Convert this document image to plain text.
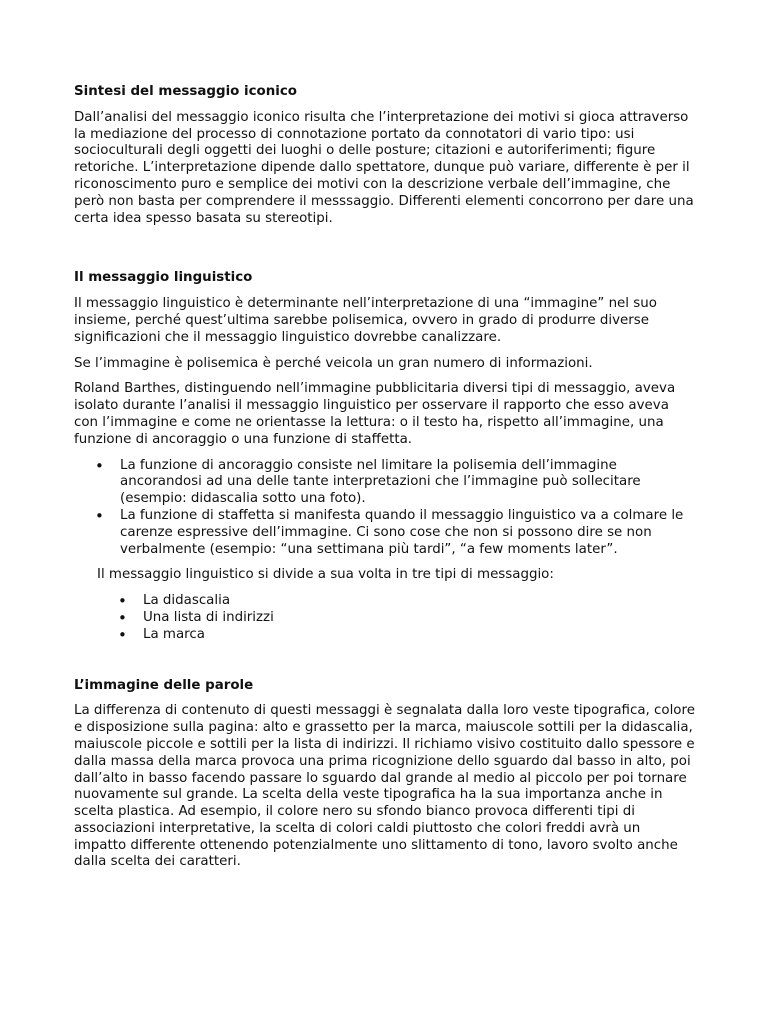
Sintesi del messaggio iconico

Dall’analisi del messaggio iconico risulta che l’interpretazione dei motivi si gioca attraverso la mediazione del processo di connotazione portato da connotatori di vario tipo: usi socioculturali degli oggetti dei luoghi o delle posture; citazioni e autoriferimenti; figure retoriche. L’interpretazione dipende dallo spettatore, dunque può variare, differente è per il riconoscimento puro e semplice dei motivi con la descrizione verbale dell’immagine, che però non basta per comprendere il messsaggio. Differenti elementi concorrono per dare una certa idea spesso basata su stereotipi.

Il messaggio linguistico

Il messaggio linguistico è determinante nell’interpretazione di una “immagine” nel suo insieme, perché quest’ultima sarebbe polisemica, ovvero in grado di produrre diverse significazioni che il messaggio linguistico dovrebbe canalizzare.

Se l’immagine è polisemica è perché veicola un gran numero di informazioni.

Roland Barthes, distinguendo nell’immagine pubblicitaria diversi tipi di messaggio, aveva isolato durante l’analisi il messaggio linguistico per osservare il rapporto che esso aveva con l’immagine e come ne orientasse la lettura: o il testo ha, rispetto all’immagine, una funzione di ancoraggio o una funzione di staffetta.

• La funzione di ancoraggio consiste nel limitare la polisemia dell’immagine ancorandosi ad una delle tante interpretazioni che l’immagine può sollecitare (esempio: didascalia sotto una foto).
• La funzione di staffetta si manifesta quando il messaggio linguistico va a colmare le carenze espressive dell’immagine. Ci sono cose che non si possono dire se non verbalmente (esempio: “una settimana più tardi”, “a few moments later”.

Il messaggio linguistico si divide a sua volta in tre tipi di messaggio:

• La didascalia
• Una lista di indirizzi
• La marca
L’immagine delle parole

La differenza di contenuto di questi messaggi è segnalata dalla loro veste tipografica, colore e disposizione sulla pagina: alto e grassetto per la marca, maiuscole sottili per la didascalia, maiuscole piccole e sottili per la lista di indirizzi. Il richiamo visivo costituito dallo spessore e dalla massa della marca provoca una prima ricognizione dello sguardo dal basso in alto, poi dall’alto in basso facendo passare lo sguardo dal grande al medio al piccolo per poi tornare nuovamente sul grande. La scelta della veste tipografica ha la sua importanza anche in scelta plastica. Ad esempio, il colore nero su sfondo bianco provoca differenti tipi di associazioni interpretative, la scelta di colori caldi piuttosto che colori freddi avrà un impatto differente ottenendo potenzialmente uno slittamento di tono, lavoro svolto anche dalla scelta dei caratteri.
